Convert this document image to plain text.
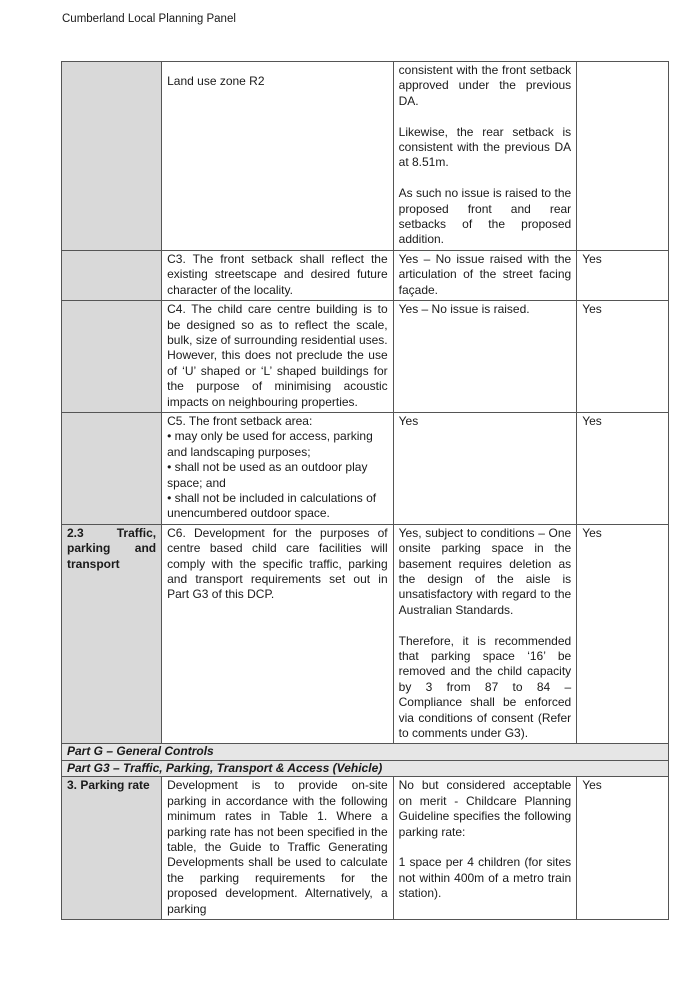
Cumberland Local Planning Panel
	Land use zone R2	consistent with the front setback approved under the previous DA.

Likewise, the rear setback is consistent with the previous DA at 8.51m.

As such no issue is raised to the proposed front and rear setbacks of the proposed addition.	
	C3. The front setback shall reflect the existing streetscape and desired future character of the locality.	Yes – No issue raised with the articulation of the street facing façade.	Yes
	C4. The child care centre building is to be designed so as to reflect the scale, bulk, size of surrounding residential uses. However, this does not preclude the use of ‘U’ shaped or ‘L’ shaped buildings for the purpose of minimising acoustic impacts on neighbouring properties.	Yes – No issue is raised.	Yes
	C5. The front setback area:
• may only be used for access, parking and landscaping purposes;
• shall not be used as an outdoor play space; and
• shall not be included in calculations of unencumbered outdoor space.	Yes	Yes
2.3 Traffic, parking and transport	C6. Development for the purposes of centre based child care facilities will comply with the specific traffic, parking and transport requirements set out in Part G3 of this DCP.	Yes, subject to conditions – One onsite parking space in the basement requires deletion as the design of the aisle is unsatisfactory with regard to the Australian Standards.

Therefore, it is recommended that parking space ‘16’ be removed and the child capacity by 3 from 87 to 84 – Compliance shall be enforced via conditions of consent (Refer to comments under G3).	Yes
Part G – General Controls			
Part G3 – Traffic, Parking, Transport & Access (Vehicle)			
3. Parking rate	Development is to provide on-site parking in accordance with the following minimum rates in Table 1. Where a parking rate has not been specified in the table, the Guide to Traffic Generating Developments shall be used to calculate the parking requirements for the proposed development. Alternatively, a parking	No but considered acceptable on merit - Childcare Planning Guideline specifies the following parking rate:

1 space per 4 children (for sites not within 400m of a metro train station).	Yes
